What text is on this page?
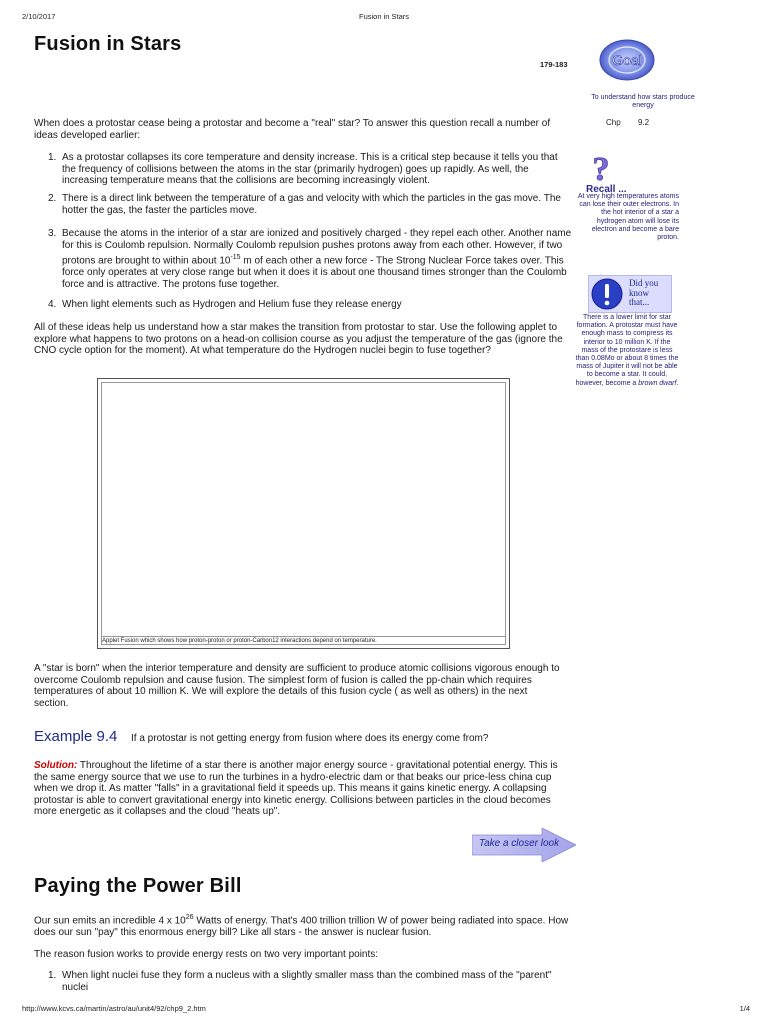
2/10/2017	Fusion in Stars
http://www.kcvs.ca/martin/astro/au/unit4/92/chp9_2.htm	1/4
Fusion in Stars
179-183	Goal
To understand how stars produce energy
Chp 9.2
When does a protostar cease being a protostar and become a "real" star? To answer this question recall a number of ideas developed earlier:
1. As a protostar collapses its core temperature and density increase. This is a critical step because it tells you that the frequency of collisions between the atoms in the star (primarily hydrogen) goes up rapidly. As well, the increasing temperature means that the collisions are becoming increasingly violent.
2. There is a direct link between the temperature of a gas and velocity with which the particles in the gas move. The hotter the gas, the faster the particles move.
3. Because the atoms in the interior of a star are ionized and positively charged - they repel each other. Another name for this is Coulomb repulsion. Normally Coulomb repulsion pushes protons away from each other. However, if two protons are brought to within about $10^{-15}$ m of each other a new force - The Strong Nuclear Force takes over. This force only operates at very close range but when it does it is about one thousand times stronger than the Coulomb force and is attractive. The protons fuse together.
4. When light elements such as Hydrogen and Helium fuse they release energy
All of these ideas help us understand how a star makes the transition from protostar to star. Use the following applet to explore what happens to two protons on a head-on collision course as you adjust the temperature of the gas (ignore the CNO cycle option for the moment). At what temperature do the Hydrogen nuclei begin to fuse together?
?
Recall ...
At very high temperatures atoms can lose their outer electrons. In the hot interior of a star a hydrogen atom will lose its electron and become a bare proton.
Did you know that...
There is a lower limit for star formation. A protostar must have enough mass to compress its interior to 10 million K. If the mass of the protostare is less than 0.08Mo or about 8 times the mass of Jupiter it will not be able to become a star. It could, however, become a brown dwarf.
Applet Fusion which shows how proton-proton or proton-Carbon12 interactions depend on temperature.
A "star is born" when the interior temperature and density are sufficient to produce atomic collisions vigorous enough to overcome Coulomb repulsion and cause fusion. The simplest form of fusion is called the pp-chain which requires temperatures of about 10 million K. We will explore the details of this fusion cycle ( as well as others) in the next section.
Example 9.4 If a protostar is not getting energy from fusion where does its energy come from?
Solution: Throughout the lifetime of a star there is another major energy source - gravitational potential energy. This is the same energy source that we use to run the turbines in a hydro-electric dam or that beaks our price-less china cup when we drop it. As matter "falls" in a gravitational field it speeds up. This means it gains kinetic energy. A collapsing protostar is able to convert gravitational energy into kinetic energy. Collisions between particles in the cloud becomes more energetic as it collapses and the cloud "heats up".
Take a closer look
Paying the Power Bill
Our sun emits an incredible 4 x $10^{26}$ Watts of energy. That's 400 trillion trillion W of power being radiated into space. How does our sun "pay" this enormous energy bill? Like all stars - the answer is nuclear fusion.
The reason fusion works to provide energy rests on two very important points:
1. When light nuclei fuse they form a nucleus with a slightly smaller mass than the combined mass of the "parent" nuclei
